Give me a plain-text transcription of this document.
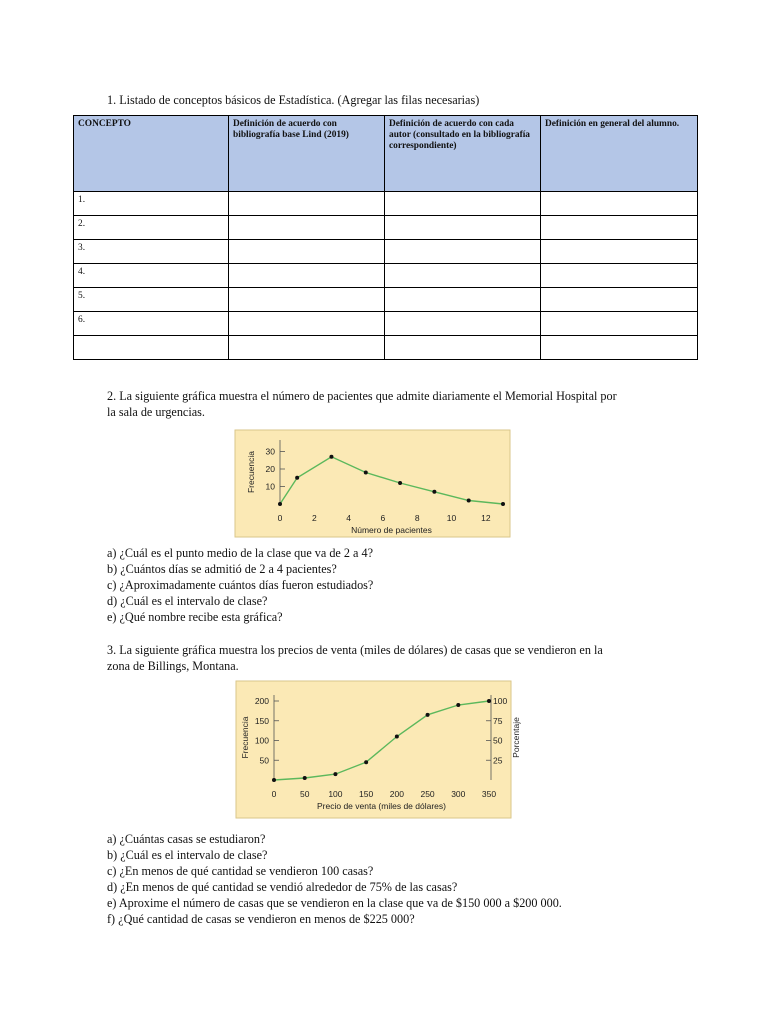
1. Listado de conceptos básicos de Estadística. (Agregar las filas necesarias)
CONCEPTO	Definición de acuerdo con bibliografía base Lind (2019)	Definición de acuerdo con cada autor (consultado en la bibliografía correspondiente)	Definición en general del alumno.
1.			
2.			
3.			
4.			
5.			
6.			

2. La siguiente gráfica muestra el número de pacientes que admite diariamente el Memorial Hospital por la sala de urgencias.
10
20
30
0	2	4	6	8	10	12
Número de pacientes
Frecuencia
a) ¿Cuál es el punto medio de la clase que va de 2 a 4?
b) ¿Cuántos días se admitió de 2 a 4 pacientes?
c) ¿Aproximadamente cuántos días fueron estudiados?
d) ¿Cuál es el intervalo de clase?
e) ¿Qué nombre recibe esta gráfica?
3. La siguiente gráfica muestra los precios de venta (miles de dólares) de casas que se vendieron en la zona de Billings, Montana.
50
100
150
200
0	50 100 150 200 250 300 350
25
50
75
100
Porcentaje
Precio de venta (miles de dólares)
Frecuencia
a) ¿Cuántas casas se estudiaron?
b) ¿Cuál es el intervalo de clase?
c) ¿En menos de qué cantidad se vendieron 100 casas?
d) ¿En menos de qué cantidad se vendió alrededor de 75% de las casas?
e) Aproxime el número de casas que se vendieron en la clase que va de $150 000 a $200 000.
f) ¿Qué cantidad de casas se vendieron en menos de $225 000?
